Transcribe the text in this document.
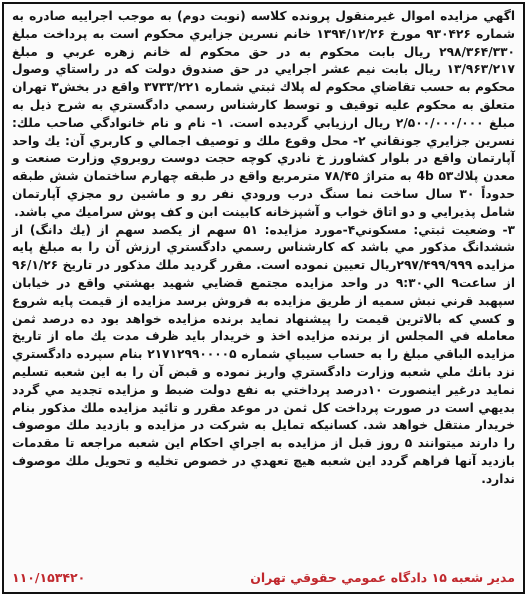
اگهي مزايده اموال غيرمنقول پرونده كلاسه (نوبت دوم) به موجب اجراييه صادره به شماره ۹۳۰۴۲۶ مورخ ۱۳۹۴/۱۲/۲۶ خانم نسرين جزايري محكوم است به پرداخت مبلغ ۲۹۸/۳۶۴/۳۳۰ ريال بابت محكوم به در حق محكوم له خانم زهره عربي و مبلغ ۱۳/۹۶۳/۲۱۷ ريال بابت نيم عشر اجرايي در حق صندوق دولت كه در راستاي وصول محكوم به حسب تقاضاي محكوم له پلاك ثبتي شماره ۳۷۳۳/۲۲۱ واقع در بخش۳ تهران متعلق به محكوم عليه توقيف و توسط كارشناس رسمي دادگستري به شرح ذيل به مبلغ ۲/۵۰۰/۰۰۰/۰۰۰ ريال ارزيابي گرديده است. ۱- نام و نام خانوادگي صاحب ملك: نسرين جزايري جونقاني ۲- محل وقوع ملك و توصيف اجمالي و كاربري آن: يك واحد آپارتمان واقع در بلوار كشاورز خ نادري كوچه حجت دوست روبروي وزارت صنعت و معدن پلاك۵۳ 4b به متراژ ۷۸/۴۵ مترمربع واقع در طبقه چهارم ساختمان شش طبقه حدوداً ۳۰ سال ساخت نما سنگ درب ورودي نفر رو و ماشين رو مجزي آپارتمان شامل پذيرايي و دو اتاق خواب و آشپزخانه كابينت ابن و كف پوش سراميك مي باشد.

۳- وضعيت ثبتي: مسكوني۴-مورد مزايده: ۵۱ سهم از يكصد سهم از (يك دانگ) از ششدانگ مذكور مي باشد كه كارشناس رسمي دادگستري ارزش آن را به مبلغ پايه مزايده ۲۹۷/۴۹۹/۹۹۹ريال تعيين نموده است. مقرر گرديد ملك مذكور در تاريخ ۹۶/۱/۲۶ از ساعت۹ الي۹:۳۰ در واحد مزايده مجتمع قضايي شهيد بهشتي واقع در خيابان سپهبد قرني نبش سميه از طريق مزايده به فروش برسد مزايده از قيمت پايه شروع و كسي كه بالاترين قيمت را پيشنهاد نمايد برنده مزايده خواهد بود ده درصد ثمن معامله في المجلس از برنده مزايده اخذ و خريدار بايد ظرف مدت يك ماه از تاريخ مزايده الباقي مبلغ را به حساب سيباي شماره ۲۱۷۱۲۹۹۰۰۰۰۵ بنام سپرده دادگستري نزد بانك ملي شعبه وزارت دادگستري واريز نموده و قبض آن را به اين شعبه تسليم نمايد درغير اينصورت ۱۰درصد پرداختي به نفع دولت ضبط و مزايده تجديد مي گردد بديهي است در صورت پرداخت كل ثمن در موعد مقرر و تائيد مزايده ملك مذكور بنام خريدار منتقل خواهد شد. كسانيكه تمايل به شركت در مزايده و بازديد ملك موصوف را دارند ميتوانند ۵ روز قبل از مزايده به اجراي احكام اين شعبه مراجعه تا مقدمات بازديد آنها فراهم گردد اين شعبه هيچ تعهدي در خصوص تخليه و تحويل ملك موصوف ندارد.

مدير شعبه ۱۵ دادگاه عمومي حقوقي تهران
۱۱۰/۱۵۳۴۲۰
